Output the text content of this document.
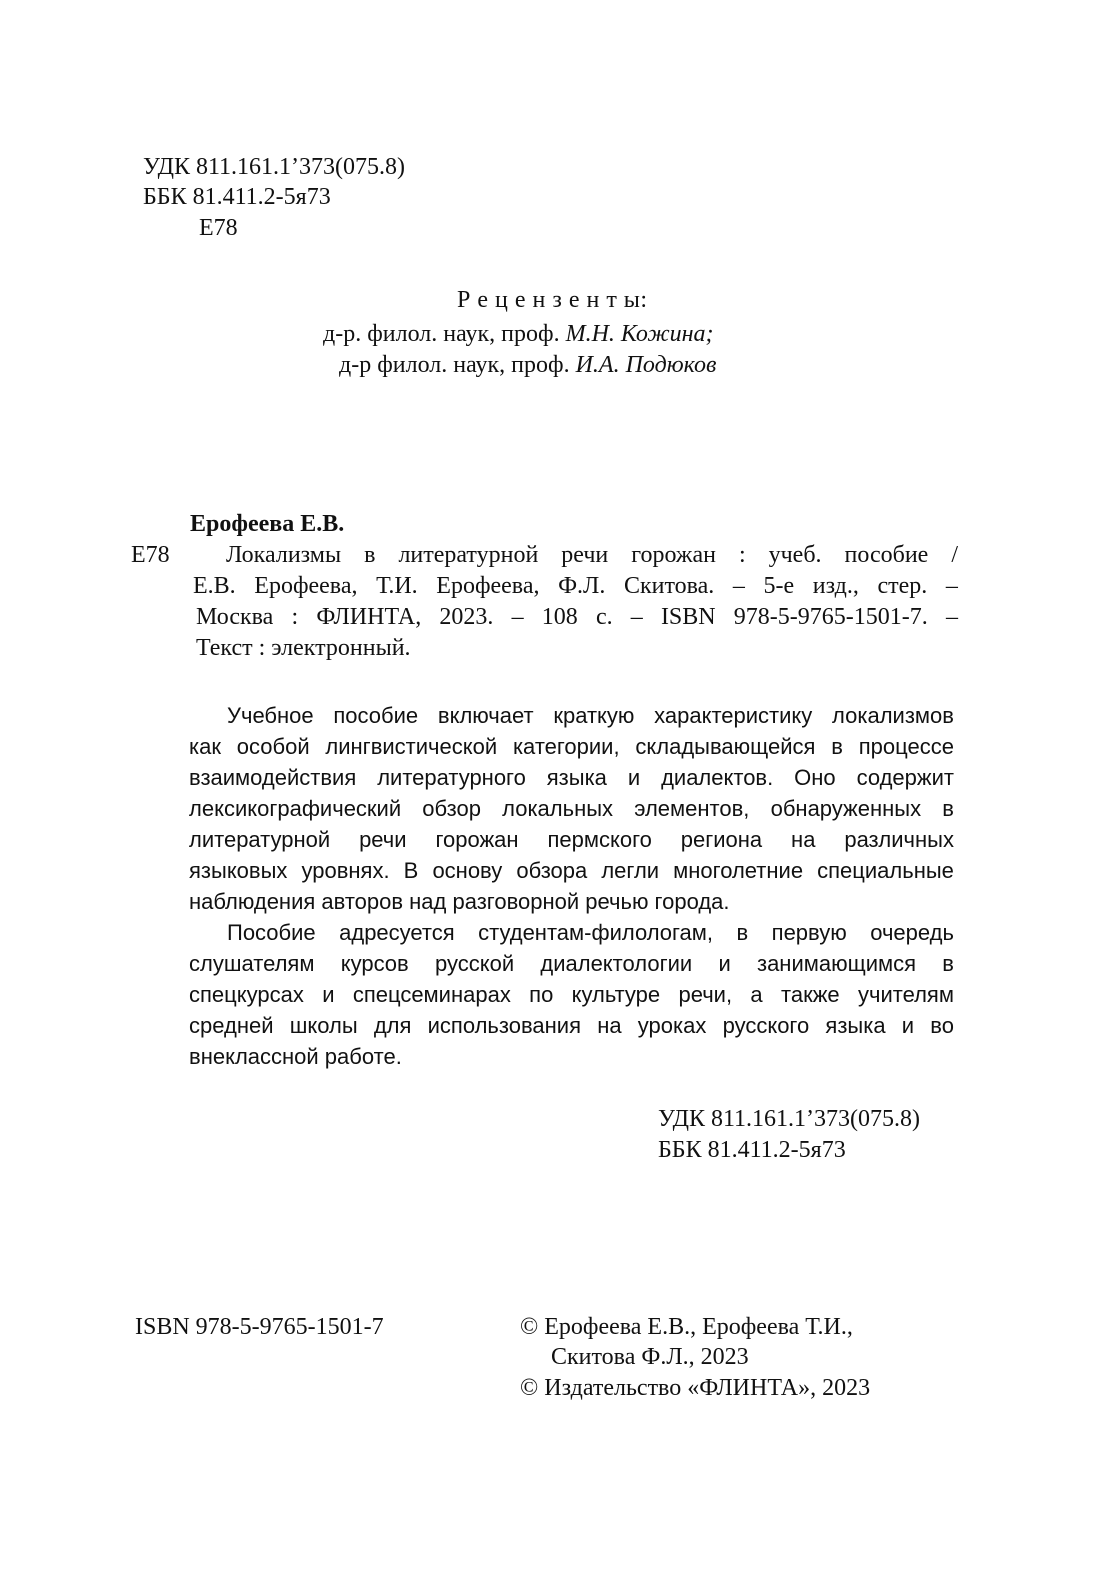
УДК 811.161.1’373(075.8)
ББК 81.411.2-5я73
Е78
Р е ц е н з е н т ы:
д-р. филол. наук, проф. М.Н. Кожина;
д-р филол. наук, проф. И.А. Подюков
Ерофеева Е.В.
Е78 Локализмы в литературной речи горожан : учеб. пособие /
Е.В. Ерофеева, Т.И. Ерофеева, Ф.Л. Скитова. – 5-е изд., стер. –
Москва : ФЛИНТА, 2023. – 108 с. – ISBN 978-5-9765-1501-7. –
Текст : электронный.
Учебное пособие включает краткую характеристику локализмов
как особой лингвистической категории, складывающейся в процессе
взаимодействия литературного языка и диалектов. Оно содержит
лексикографический обзор локальных элементов, обнаруженных в
литературной речи горожан пермского региона на различных
языковых уровнях. В основу обзора легли многолетние специальные
наблюдения авторов над разговорной речью города.
Пособие адресуется студентам-филологам, в первую очередь
слушателям курсов русской диалектологии и занимающимся в
спецкурсах и спецсеминарах по культуре речи, а также учителям
средней школы для использования на уроках русского языка и во
внеклассной работе.
УДК 811.161.1’373(075.8)
ББК 81.411.2-5я73
ISBN 978-5-9765-1501-7	© Ерофеева Е.В., Ерофеева Т.И.,
Скитова Ф.Л., 2023
© Издательство «ФЛИНТА», 2023
